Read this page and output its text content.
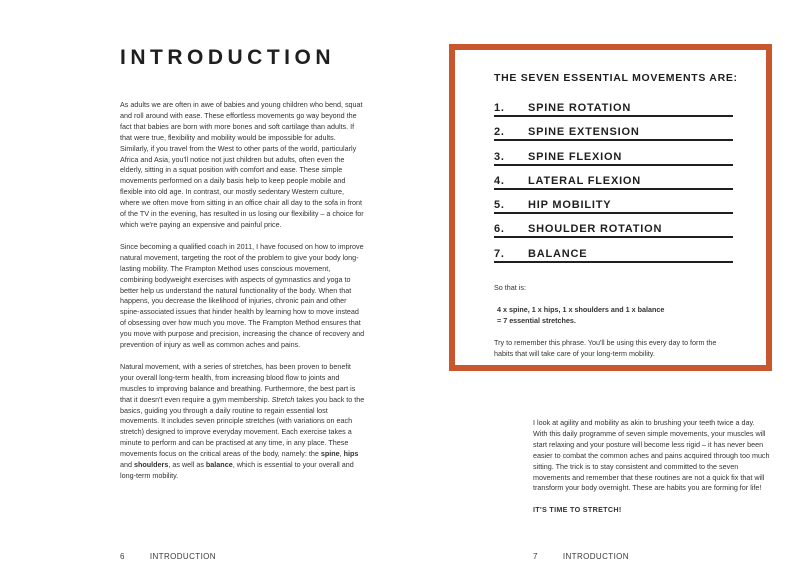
INTRODUCTION

As adults we are often in awe of babies and young children who bend, squat and roll around with ease. These effortless movements go way beyond the fact that babies are born with more bones and soft cartilage than adults. If that were true, flexibility and mobility would be impossible for adults. Similarly, if you travel from the West to other parts of the world, particularly Africa and Asia, you'll notice not just children but adults, often even the elderly, sitting in a squat position with comfort and ease. These simple movements performed on a daily basis help to keep people mobile and flexible into old age. In contrast, our mostly sedentary Western culture, where we often move from sitting in an office chair all day to the sofa in front of the TV in the evening, has resulted in us losing our flexibility – a choice for which we're paying an expensive and painful price.

Since becoming a qualified coach in 2011, I have focused on how to improve natural movement, targeting the root of the problem to give your body long-lasting mobility. The Frampton Method uses conscious movement, combining bodyweight exercises with aspects of gymnastics and yoga to better help us understand the natural functionality of the body. When that happens, you decrease the likelihood of injuries, chronic pain and other spine-associated issues that hinder health by learning how to move instead of obsessing over how much you move. The Frampton Method ensures that you move with purpose and precision, increasing the chance of recovery and prevention of injury as well as common aches and pains.

Natural movement, with a series of stretches, has been proven to benefit your overall long-term health, from increasing blood flow to joints and muscles to improving balance and breathing. Furthermore, the best part is that it doesn't even require a gym membership. Stretch takes you back to the basics, guiding you through a daily routine to regain essential lost movements. It includes seven principle stretches (with variations on each stretch) designed to improve everyday movement. Each exercise takes a minute to perform and can be practised at any time, in any place. These movements focus on the critical areas of the body, namely: the spine, hips and shoulders, as well as balance, which is essential to your overall and long-term mobility.

6	INTRODUCTION
THE SEVEN ESSENTIAL MOVEMENTS ARE:
1.	SPINE ROTATION
2.	SPINE EXTENSION
3.	SPINE FLEXION
4.	LATERAL FLEXION
5.	HIP MOBILITY
6.	SHOULDER ROTATION
7.	BALANCE

So that is:

4 x spine, 1 x hips, 1 x shoulders and 1 x balance
= 7 essential stretches.

Try to remember this phrase. You'll be using this every day to form the habits that will take care of your long-term mobility.

I look at agility and mobility as akin to brushing your teeth twice a day. With this daily programme of seven simple movements, your muscles will start relaxing and your posture will become less rigid – it has never been easier to combat the common aches and pains acquired through too much sitting. The trick is to stay consistent and committed to the seven movements and remember that these routines are not a quick fix that will transform your body overnight. These are habits you are forming for life!

IT'S TIME TO STRETCH!

7	INTRODUCTION
